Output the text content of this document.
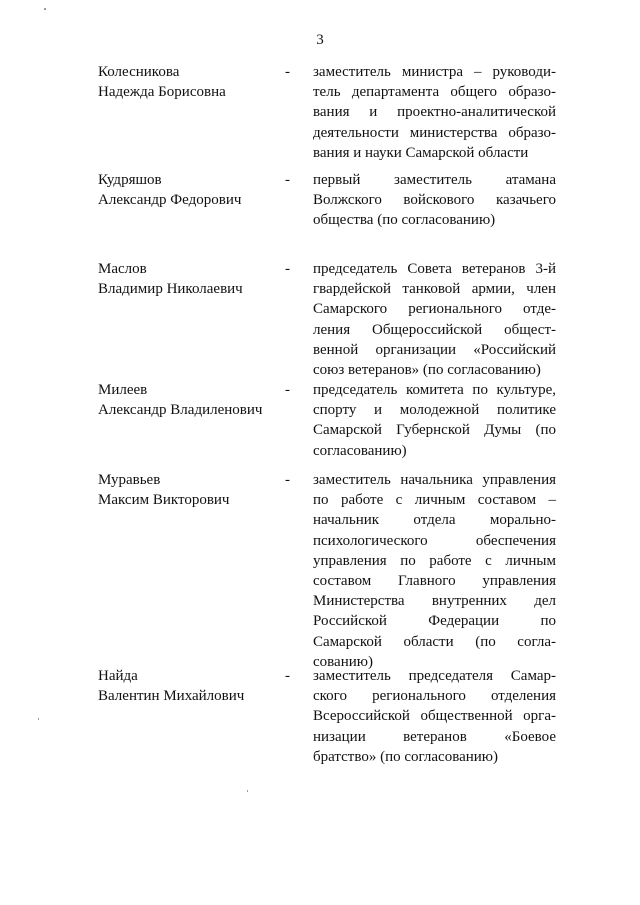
3
Колесникова
Надежда Борисовна
- заместитель министра – руководи-
тель департамента общего образо-
вания и проектно-аналитической
деятельности министерства образо-
вания и науки Самарской области
Кудряшов
Александр Федорович
- первый заместитель атамана
Волжского войскового казачьего
общества (по согласованию)
Маслов
Владимир Николаевич
- председатель Совета ветеранов 3-й
гвардейской танковой армии, член
Самарского регионального отде-
ления Общероссийской общест-
венной организации «Российский
союз ветеранов» (по согласованию)
Милеев
Александр Владиленович
- председатель комитета по культуре,
спорту и молодежной политике
Самарской Губернской Думы (по
согласованию)
Муравьев
Максим Викторович
- заместитель начальника управления
по работе с личным составом –
начальник отдела морально-
психологического обеспечения
управления по работе с личным
составом Главного управления
Министерства внутренних дел
Российской Федерации по
Самарской области (по согла-
сованию)
Найда
Валентин Михайлович
- заместитель председателя Самар-
ского регионального отделения
Всероссийской общественной орга-
низации ветеранов «Боевое
братство» (по согласованию)
